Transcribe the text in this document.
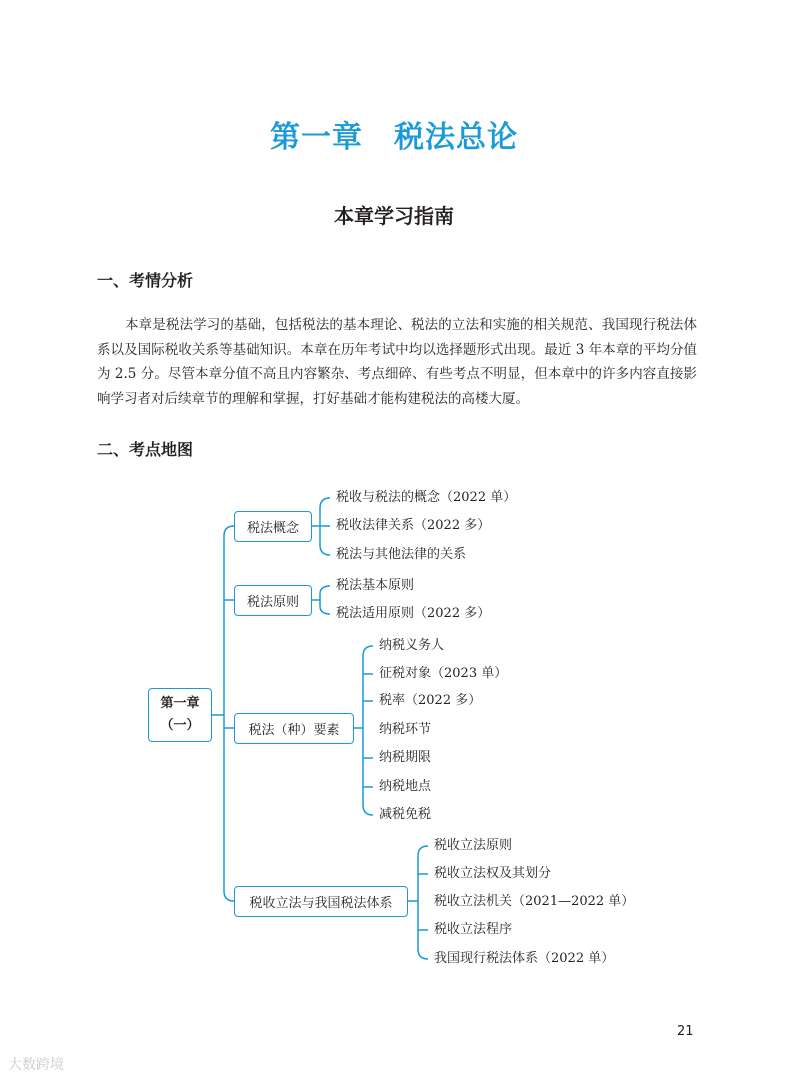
第一章　税法总论
本章学习指南
一、考情分析

本章是税法学习的基础，包括税法的基本理论、税法的立法和实施的相关规范、我国现行税法体系以及国际税收关系等基础知识。本章在历年考试中均以选择题形式出现。最近 3 年本章的平均分值为 2.5 分。尽管本章分值不高且内容繁杂、考点细碎、有些考点不明显，但本章中的许多内容直接影响学习者对后续章节的理解和掌握，打好基础才能构建税法的高楼大厦。

二、考点地图
第一章
（一）
税法概念
税法原则
税法（种）要素
税收立法与我国税法体系
税收与税法的概念（2022 单）
税收法律关系（2022 多）
税法与其他法律的关系
税法基本原则
税法适用原则（2022 多）
纳税义务人
征税对象（2023 单）
税率（2022 多）
纳税环节
纳税期限
纳税地点
减税免税
税收立法原则
税收立法权及其划分
税收立法机关（2021—2022 单）
税收立法程序
我国现行税法体系（2022 单）
21
大数跨境
